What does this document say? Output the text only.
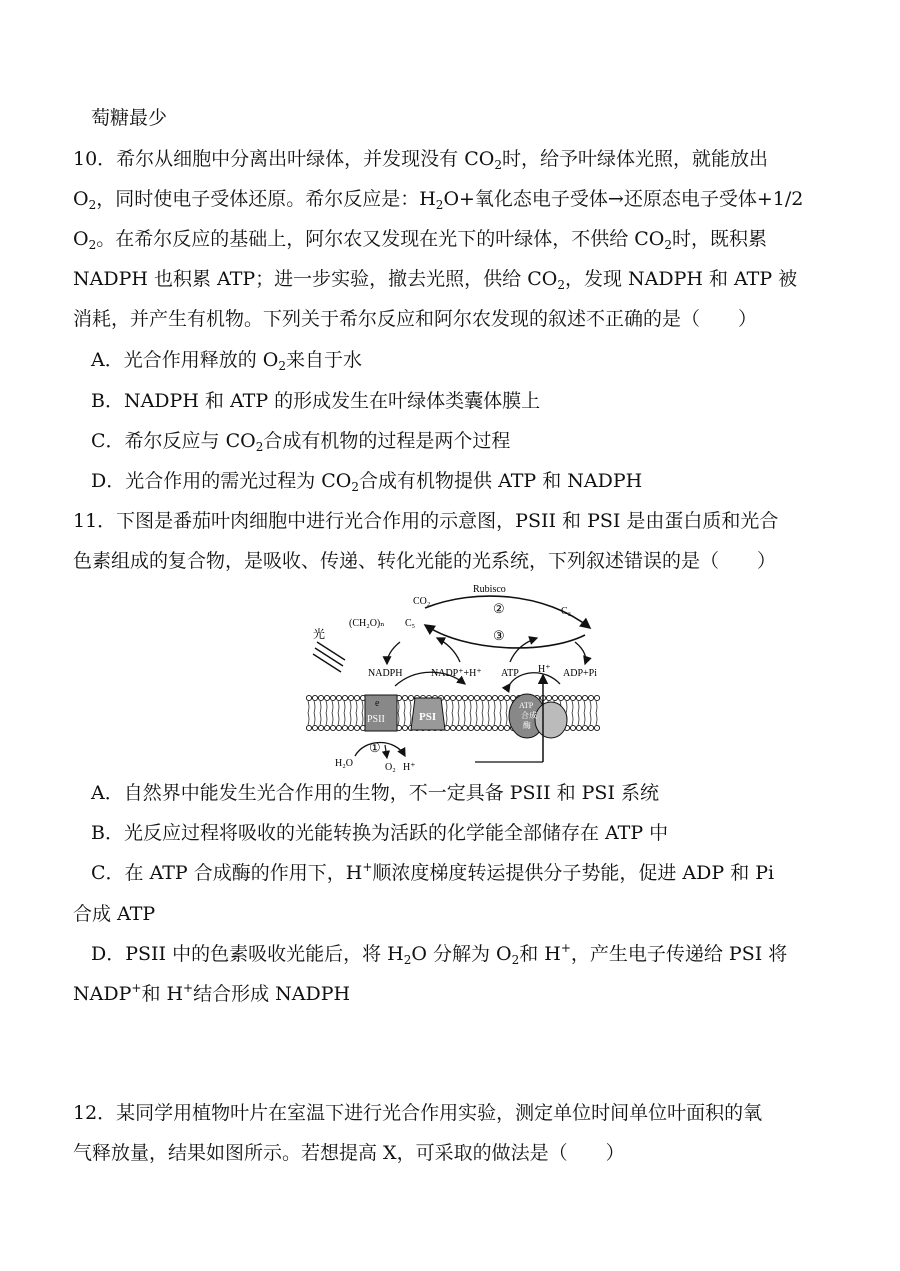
萄糖最少
10．希尔从细胞中分离出叶绿体，并发现没有 $CO_2$时，给予叶绿体光照，就能放出
$O_2$，同时使电子受体还原。希尔反应是：$H_2O+$氧化态电子受体→还原态电子受体+1/2
$O_2$。在希尔反应的基础上，阿尔农又发现在光下的叶绿体，不供给 $CO_2$时，既积累
NADPH 也积累 ATP；进一步实验，撤去光照，供给 $CO_2$，发现 NADPH 和 ATP 被
消耗，并产生有机物。下列关于希尔反应和阿尔农发现的叙述不正确的是（　　）
A．光合作用释放的 $O_2$来自于水
B．NADPH 和 ATP 的形成发生在叶绿体类囊体膜上
C．希尔反应与 $CO_2$合成有机物的过程是两个过程
D．光合作用的需光过程为 $CO_2$合成有机物提供 ATP 和 NADPH
11．下图是番茄叶肉细胞中进行光合作用的示意图，PSII 和 PSI 是由蛋白质和光合
色素组成的复合物，是吸收、传递、转化光能的光系统，下列叙述错误的是（　　）
Rubisco
CO₂
C₃
C₅
(CH₂O)ₙ
②
③
光
NADPH	NADP⁺+H⁺ ATP H⁺ ADP+Pi
e
PSII	PSI
ATP
合成
酶
①
H₂O	O₂ H⁺
A．自然界中能发生光合作用的生物，不一定具备 PSII 和 PSI 系统
B．光反应过程将吸收的光能转换为活跃的化学能全部储存在 ATP 中
C．在 ATP 合成酶的作用下，H+顺浓度梯度转运提供分子势能，促进 ADP 和 Pi
合成 ATP
D．PSII 中的色素吸收光能后，将 $H_2O$ 分解为 $O_2$和 H+，产生电子传递给 PSI 将
NADP+和 H+结合形成 NADPH
12．某同学用植物叶片在室温下进行光合作用实验，测定单位时间单位叶面积的氧
气释放量，结果如图所示。若想提高 X，可采取的做法是（　　）
